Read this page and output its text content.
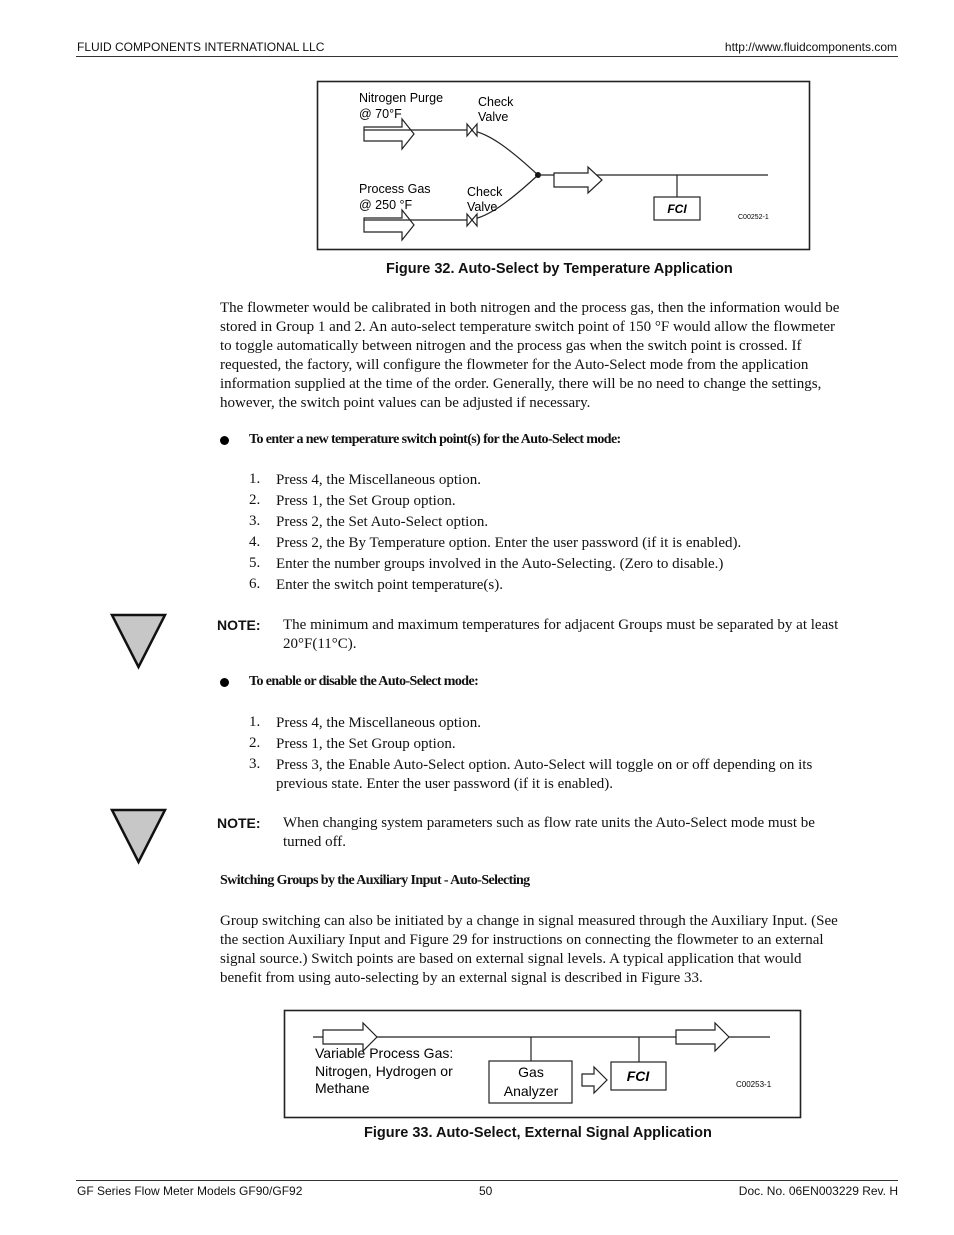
FLUID COMPONENTS INTERNATIONAL LLC	http://www.fluidcomponents.com
FCI
Nitrogen Purge
@ 70°F
Check
Valve
Process Gas
@ 250 °F
Check
Valve
C00252-1
Figure 32. Auto-Select by Temperature Application
The flowmeter would be calibrated in both nitrogen and the process gas, then the information would be
stored in Group 1 and 2. An auto-select temperature switch point of 150 °F would allow the flowmeter
to toggle automatically between nitrogen and the process gas when the switch point is crossed. If
requested, the factory, will configure the flowmeter for the Auto-Select mode from the application
information supplied at the time of the order. Generally, there will be no need to change the settings,
however, the switch point values can be adjusted if necessary.
To enter a new temperature switch point(s) for the Auto-Select mode:
1. Press 4, the Miscellaneous option.
2. Press 1, the Set Group option.
3. Press 2, the Set Auto-Select option.
4. Press 2, the By Temperature option. Enter the user password (if it is enabled).
5. Enter the number groups involved in the Auto-Selecting. (Zero to disable.)
6. Enter the switch point temperature(s).
NOTE: The minimum and maximum temperatures for adjacent Groups must be separated by at least
20°F(11°C).
To enable or disable the Auto-Select mode:
1. Press 4, the Miscellaneous option.
2. Press 1, the Set Group option.
3. Press 3, the Enable Auto-Select option. Auto-Select will toggle on or off depending on its
previous state. Enter the user password (if it is enabled).
NOTE: When changing system parameters such as flow rate units the Auto-Select mode must be
turned off.
Switching Groups by the Auxiliary Input - Auto-Selecting
Group switching can also be initiated by a change in signal measured through the Auxiliary Input. (See
the section Auxiliary Input and Figure 29 for instructions on connecting the flowmeter to an external
signal source.) Switch points are based on external signal levels. A typical application that would
benefit from using auto-selecting by an external signal is described in Figure 33.
Gas
Analyzer
FCI
Variable Process Gas:
Nitrogen, Hydrogen or
Methane	C00253-1
Figure 33. Auto-Select, External Signal Application
GF Series Flow Meter Models GF90/GF92	50	Doc. No. 06EN003229 Rev. H
